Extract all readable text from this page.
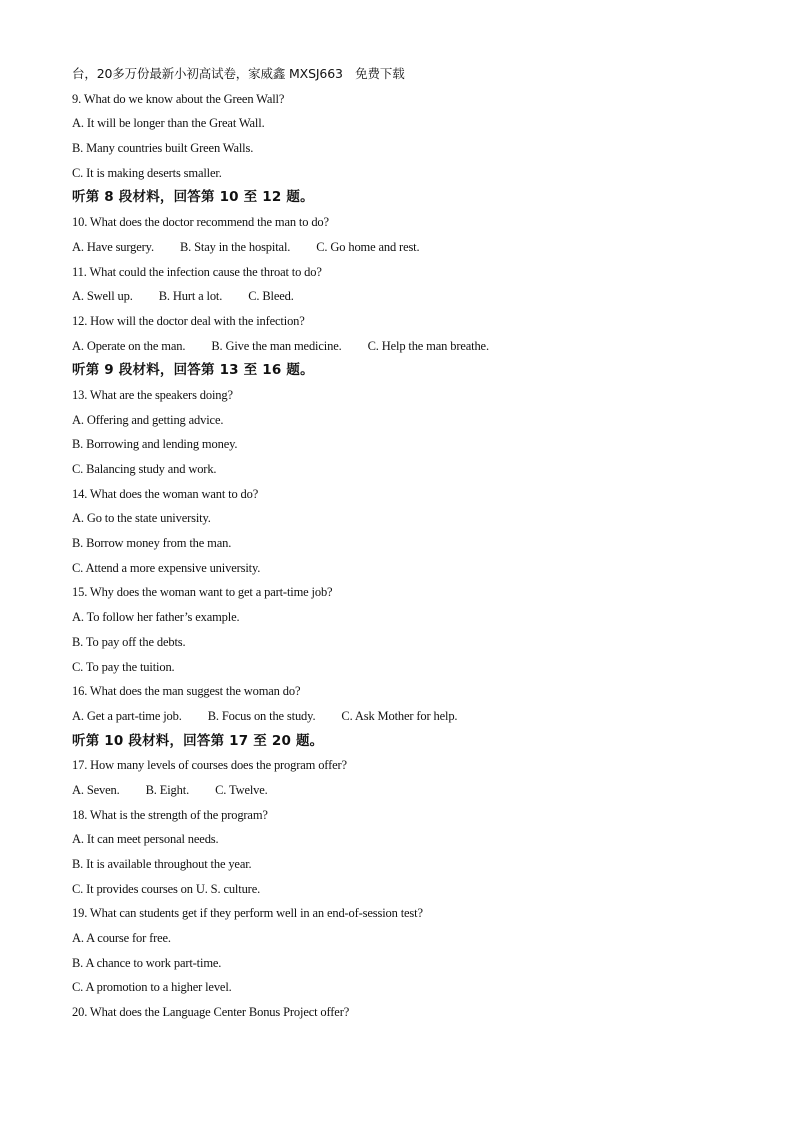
台，20多万份最新小初高试卷，家威鑫 MXSJ663　免费下载
9. What do we know about the Green Wall?
A. It will be longer than the Great Wall.
B. Many countries built Green Walls.
C. It is making deserts smaller.
听第 8 段材料，回答第 10 至 12 题。
10. What does the doctor recommend the man to do?
A. Have surgery. B. Stay in the hospital. C. Go home and rest.
11. What could the infection cause the throat to do?
A. Swell up. B. Hurt a lot. C. Bleed.
12. How will the doctor deal with the infection?
A. Operate on the man. B. Give the man medicine. C. Help the man breathe.
听第 9 段材料，回答第 13 至 16 题。
13. What are the speakers doing?
A. Offering and getting advice.
B. Borrowing and lending money.
C. Balancing study and work.
14. What does the woman want to do?
A. Go to the state university.
B. Borrow money from the man.
C. Attend a more expensive university.
15. Why does the woman want to get a part-time job?
A. To follow her father’s example.
B. To pay off the debts.
C. To pay the tuition.
16. What does the man suggest the woman do?
A. Get a part-time job. B. Focus on the study. C. Ask Mother for help.
听第 10 段材料，回答第 17 至 20 题。
17. How many levels of courses does the program offer?
A. Seven. B. Eight. C. Twelve.
18. What is the strength of the program?
A. It can meet personal needs.
B. It is available throughout the year.
C. It provides courses on U. S. culture.
19. What can students get if they perform well in an end-of-session test?
A. A course for free.
B. A chance to work part-time.
C. A promotion to a higher level.
20. What does the Language Center Bonus Project offer?
